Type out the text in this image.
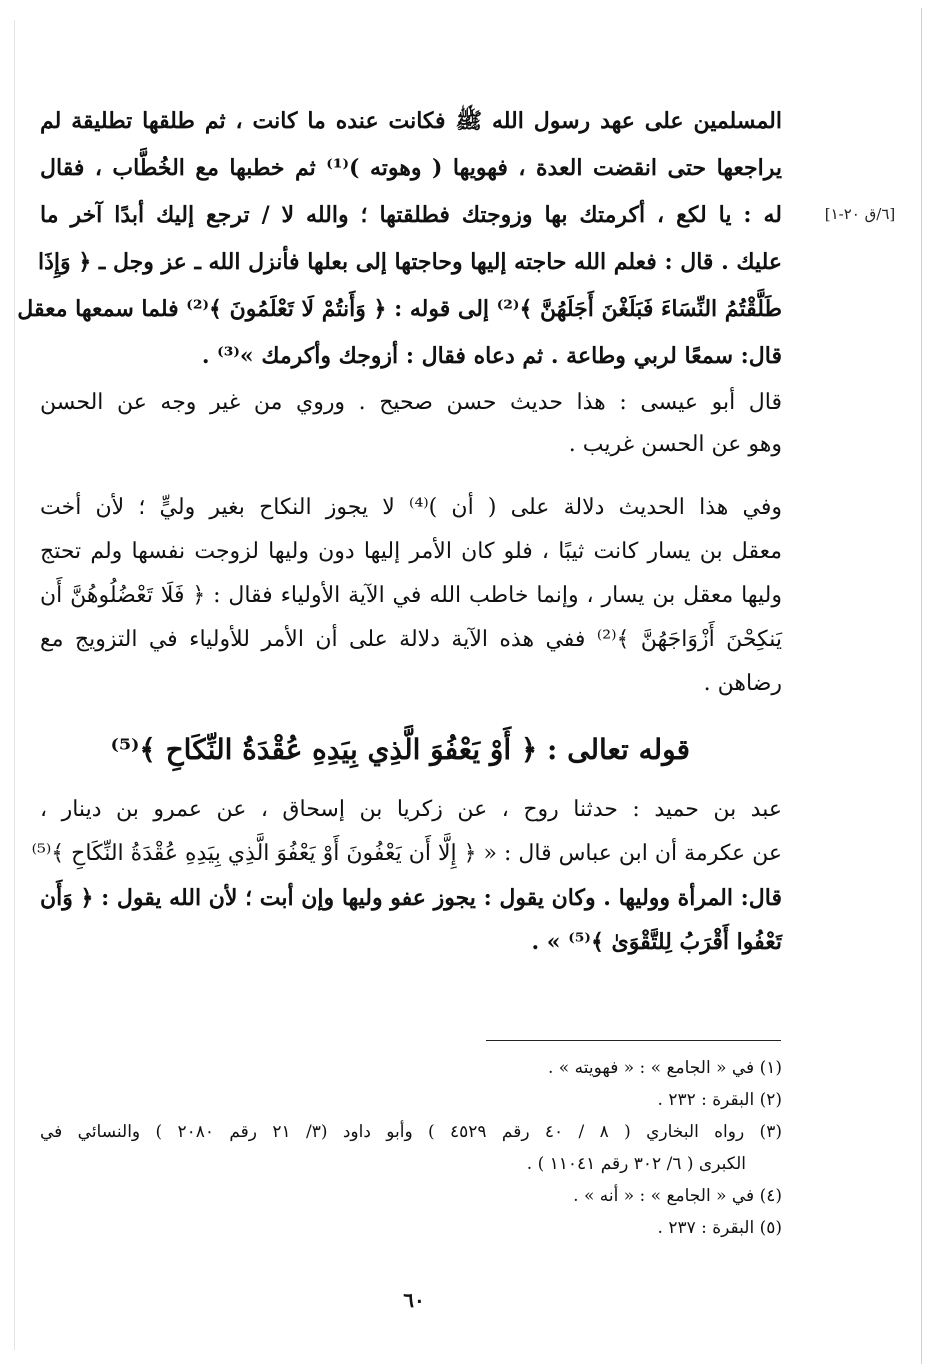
[٦/ق ٢٠-١]
المسلمين على عهد رسول الله ﷺ فكانت عنده ما كانت ، ثم طلقها تطليقة لم
يراجعها حتى انقضت العدة ، فهويها ( وهوته )⁽¹⁾ ثم خطبها مع الخُطَّاب ، فقال
له : يا لكع ، أكرمتك بها وزوجتك فطلقتها ؛ والله لا / ترجع إليك أبدًا آخر ما
عليك . قال : فعلم الله حاجته إليها وحاجتها إلى بعلها فأنزل الله ـ عز وجل ـ ﴿ وَإِذَا
طَلَّقْتُمُ النِّسَاءَ فَبَلَغْنَ أَجَلَهُنَّ ﴾⁽²⁾ إلى قوله : ﴿ وَأَنتُمْ لَا تَعْلَمُونَ ﴾⁽²⁾ فلما سمعها معقل
قال: سمعًا لربي وطاعة . ثم دعاه فقال : أزوجك وأكرمك »⁽³⁾ .
قال أبو عيسى : هذا حديث حسن صحيح . وروي من غير وجه عن الحسن
وهو عن الحسن غريب .
وفي هذا الحديث دلالة على ( أن )⁽⁴⁾ لا يجوز النكاح بغير وليٍّ ؛ لأن أخت
معقل بن يسار كانت ثيبًا ، فلو كان الأمر إليها دون وليها لزوجت نفسها ولم تحتج
وليها معقل بن يسار ، وإنما خاطب الله في الآية الأولياء فقال : ﴿ فَلَا تَعْضُلُوهُنَّ أَن
يَنكِحْنَ أَزْوَاجَهُنَّ ﴾⁽²⁾ ففي هذه الآية دلالة على أن الأمر للأولياء في التزويج مع
رضاهن .
قوله تعالى : ﴿ أَوْ يَعْفُوَ الَّذِي بِيَدِهِ عُقْدَةُ النِّكَاحِ ﴾⁽⁵⁾
عبد بن حميد : حدثنا روح ، عن زكريا بن إسحاق ، عن عمرو بن دينار ،
عن عكرمة أن ابن عباس قال : « ﴿ إِلَّا أَن يَعْفُونَ أَوْ يَعْفُوَ الَّذِي بِيَدِهِ عُقْدَةُ النِّكَاحِ ﴾⁽⁵⁾
قال: المرأة ووليها . وكان يقول : يجوز عفو وليها وإن أبت ؛ لأن الله يقول : ﴿ وَأَن
تَعْفُوا أَقْرَبُ لِلتَّقْوَىٰ ﴾⁽⁵⁾ » .
(١) في « الجامع » : « فهويته » .
(٢) البقرة : ٢٣٢ .
(٣) رواه البخاري ( ٨ / ٤٠ رقم ٤٥٢٩ ) وأبو داود (٣/ ٢١ رقم ٢٠٨٠ ) والنسائي في
الكبرى ( ٦/ ٣٠٢ رقم ١١٠٤١ ) .
(٤) في « الجامع » : « أنه » .
(٥) البقرة : ٢٣٧ .
٦٠
